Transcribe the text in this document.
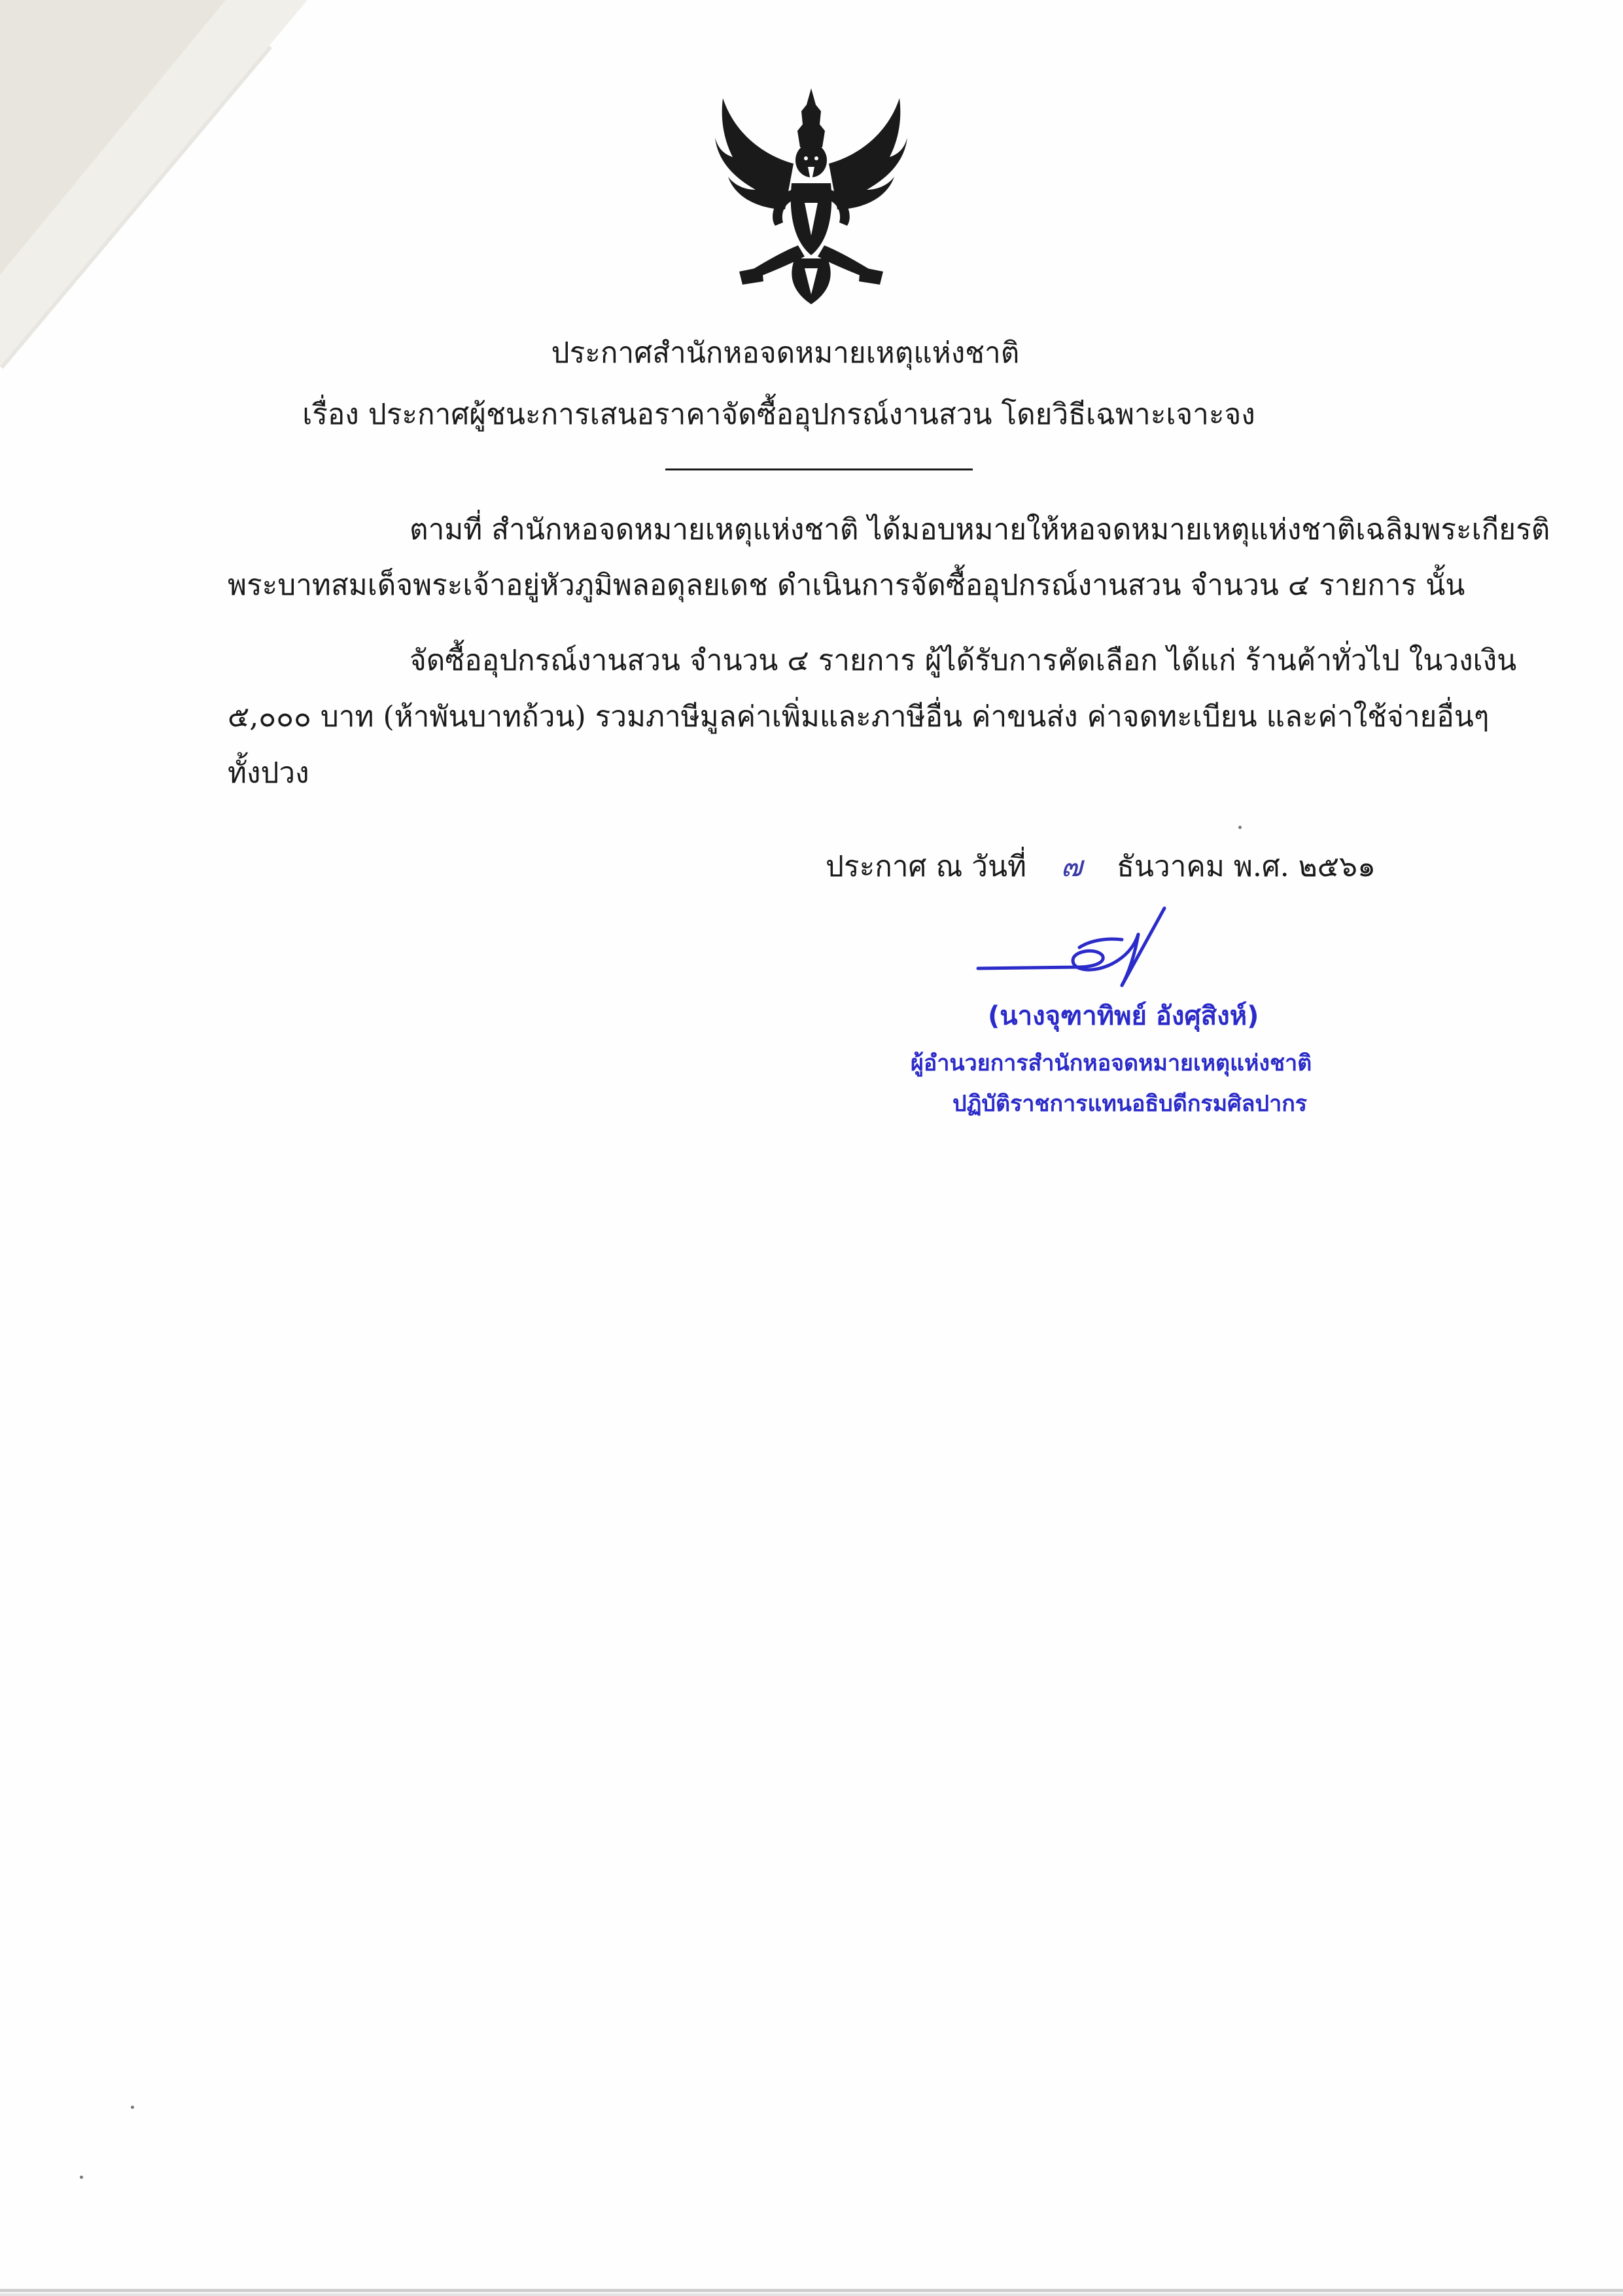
ประกาศสำนักหอจดหมายเหตุแห่งชาติ
เรื่อง ประกาศผู้ชนะการเสนอราคาจัดซื้ออุปกรณ์งานสวน โดยวิธีเฉพาะเจาะจง
ตามที่ สำนักหอจดหมายเหตุแห่งชาติ ได้มอบหมายให้หอจดหมายเหตุแห่งชาติเฉลิมพระเกียรติ
พระบาทสมเด็จพระเจ้าอยู่หัวภูมิพลอดุลยเดช ดำเนินการจัดซื้ออุปกรณ์งานสวน จำนวน ๔ รายการ นั้น
จัดซื้ออุปกรณ์งานสวน จำนวน ๔ รายการ ผู้ได้รับการคัดเลือก ได้แก่ ร้านค้าทั่วไป ในวงเงิน
๕,๐๐๐ บาท (ห้าพันบาทถ้วน) รวมภาษีมูลค่าเพิ่มและภาษีอื่น ค่าขนส่ง ค่าจดทะเบียน และค่าใช้จ่ายอื่นๆ
ทั้งปวง
ประกาศ ณ วันที่ ๗ ธันวาคม พ.ศ. ๒๕๖๑
(นางจุฑาทิพย์ อังศุสิงห์)
ผู้อำนวยการสำนักหอจดหมายเหตุแห่งชาติ
ปฏิบัติราชการแทนอธิบดีกรมศิลปากร
